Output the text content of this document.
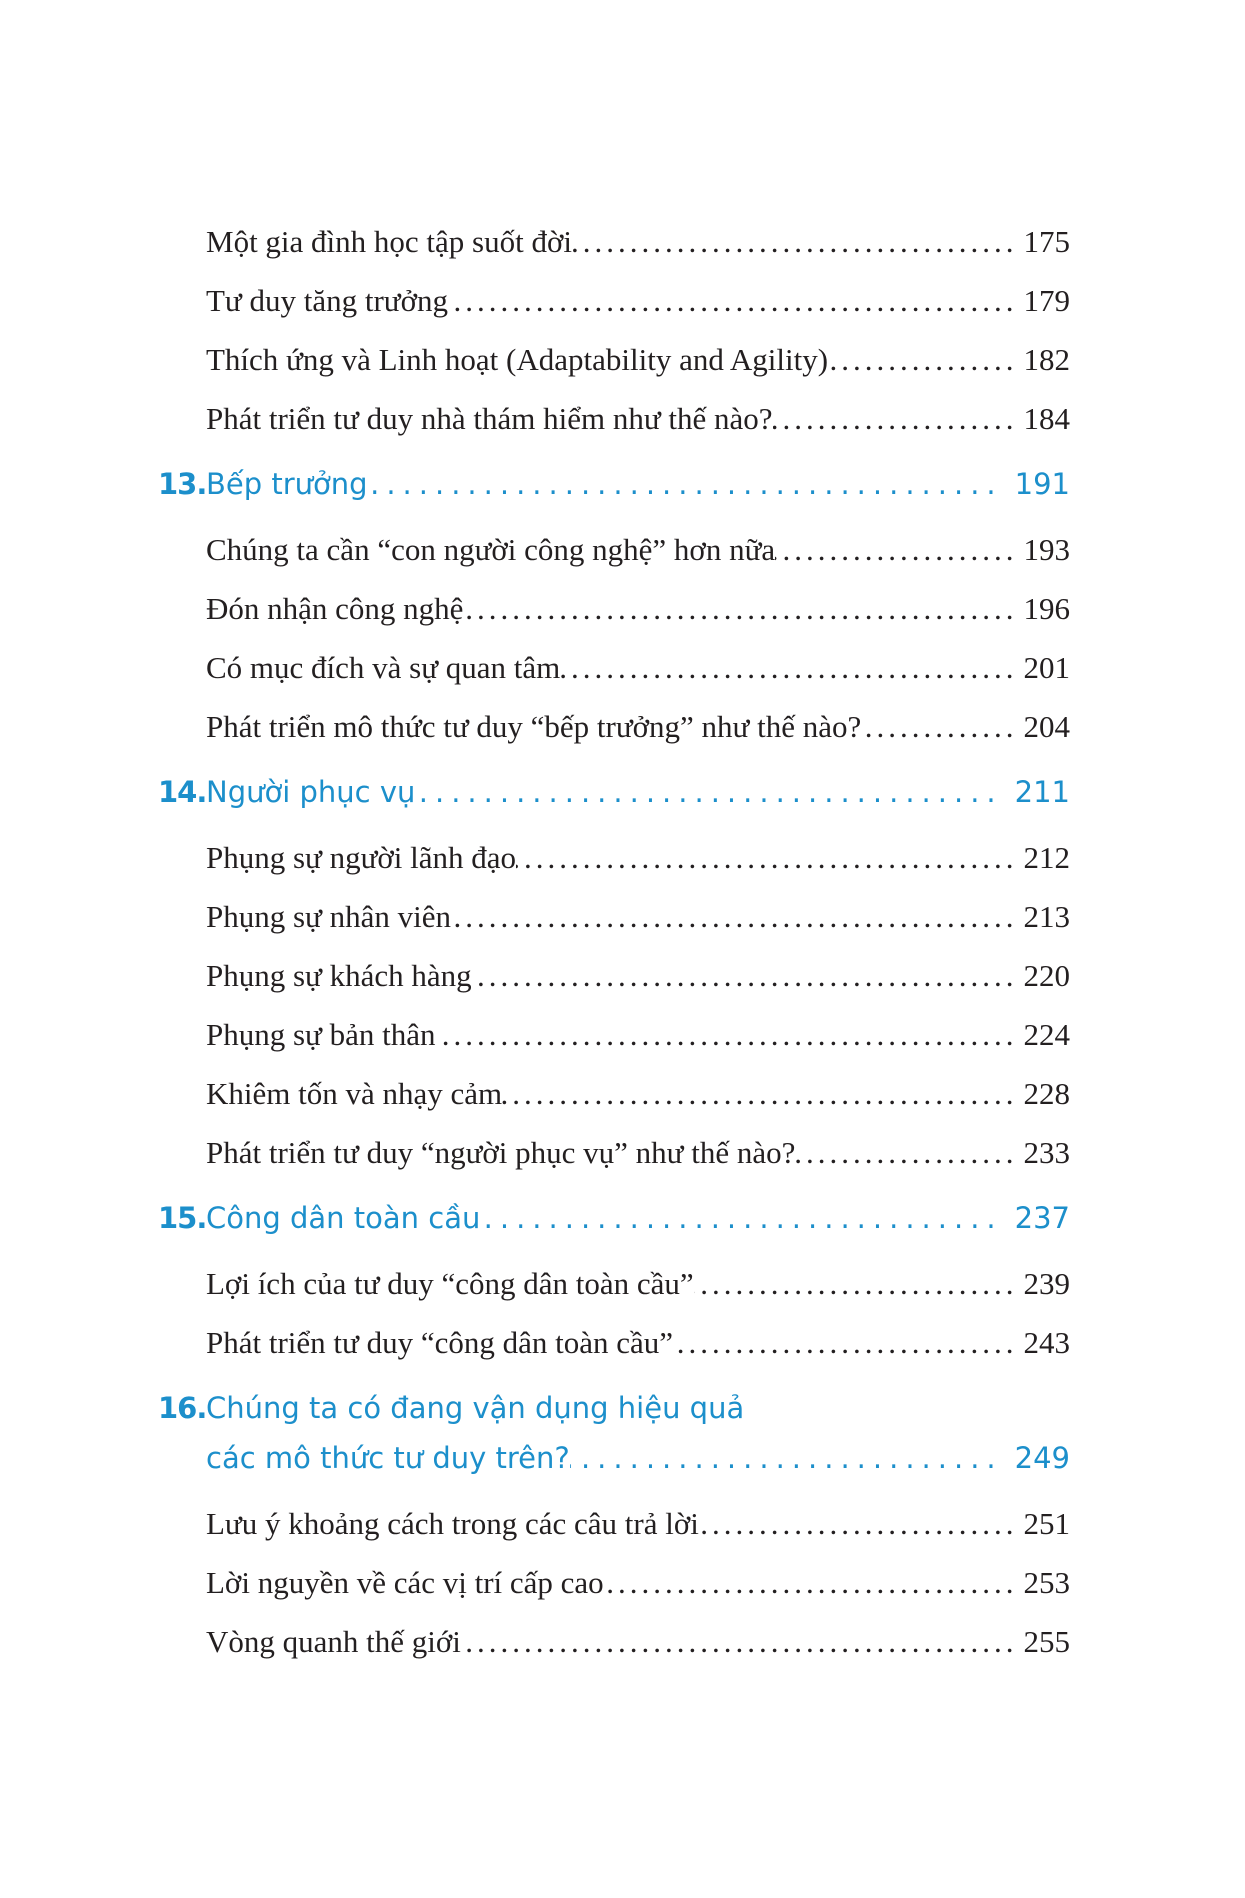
Một gia đình học tập suốt đời .....	175
Tư duy tăng trưởng .....	179
Thích ứng và Linh hoạt (Adaptability and Agility) .....	182
Phát triển tư duy nhà thám hiểm như thế nào? .....	184
13. Bếp trưởng .....	191
Chúng ta cần “con người công nghệ” hơn nữa .....	193
Đón nhận công nghệ .....	196
Có mục đích và sự quan tâm .....	201
Phát triển mô thức tư duy “bếp trưởng” như thế nào? .....	204
14. Người phục vụ .....	211
Phụng sự người lãnh đạo .....	212
Phụng sự nhân viên .....	213
Phụng sự khách hàng .....	220
Phụng sự bản thân .....	224
Khiêm tốn và nhạy cảm .....	228
Phát triển tư duy “người phục vụ” như thế nào? .....	233
15. Công dân toàn cầu .....	237
Lợi ích của tư duy “công dân toàn cầu” .....	239
Phát triển tư duy “công dân toàn cầu” .....	243
16. Chúng ta có đang vận dụng hiệu quả
các mô thức tư duy trên? .....	249
Lưu ý khoảng cách trong các câu trả lời .....	251
Lời nguyền về các vị trí cấp cao .....	253
Vòng quanh thế giới .....	255
